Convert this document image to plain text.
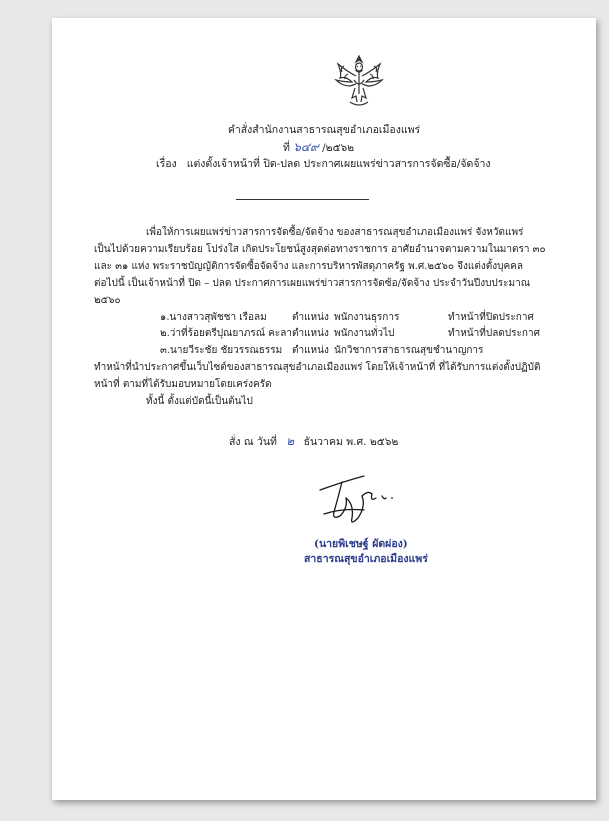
คำสั่งสำนักงานสาธารณสุขอำเภอเมืองแพร่
ที่ ๖๔๙ /๒๕๖๒
เรื่อง แต่งตั้งเจ้าหน้าที่ ปิด-ปลด ประกาศเผยแพร่ข่าวสารการจัดซื้อ/จัดจ้าง
เพื่อให้การเผยแพร่ข่าวสารการจัดซื้อ/จัดจ้าง ของสาธารณสุขอำเภอเมืองแพร่ จังหวัดแพร่
เป็นไปด้วยความเรียบร้อย โปร่งใส เกิดประโยชน์สูงสุดต่อทางราชการ อาศัยอำนาจตามความในมาตรา ๓๐
และ ๓๑ แห่ง พระราชบัญญัติการจัดซื้อจัดจ้าง และการบริหารพัสดุภาครัฐ พ.ศ.๒๕๖๐ จึงแต่งตั้งบุคคล
ต่อไปนี้ เป็นเจ้าหน้าที่ ปิด – ปลด ประกาศการเผยแพร่ข่าวสารการจัดซ้อ/จัดจ้าง ประจำวันปีงบประมาณ
๒๕๖๐
๑.นางสาวสุพัชชา เรือลม	ตำแหน่ง พนักงานธุรการ	ทำหน้าที่ปิดประกาศ
๒.ว่าที่ร้อยตรีปุณยาภรณ์ คะลา ตำแหน่ง พนักงานทั่วไป	ทำหน้าที่ปลดประกาศ
๓.นายวีระชัย ชัยวรรณธรรม ตำแหน่ง นักวิชาการสาธารณสุขชำนาญการ
ทำหน้าที่นำประกาศขึ้นเว็บไซต์ของสาธารณสุขอำเภอเมืองแพร่ โดยให้เจ้าหน้าที่ ที่ได้รับการแต่งตั้งปฏิบัติ
หน้าที่ ตามที่ได้รับมอบหมายโดยเคร่งครัด
ทั้งนี้ ตั้งแต่บัดนี้เป็นต้นไป
สั่ง ณ วันที่ ๒ ธันวาคม พ.ศ. ๒๕๖๒
(นายพิเชษฐ์ ผัดผ่อง)
สาธารณสุขอำเภอเมืองแพร่
